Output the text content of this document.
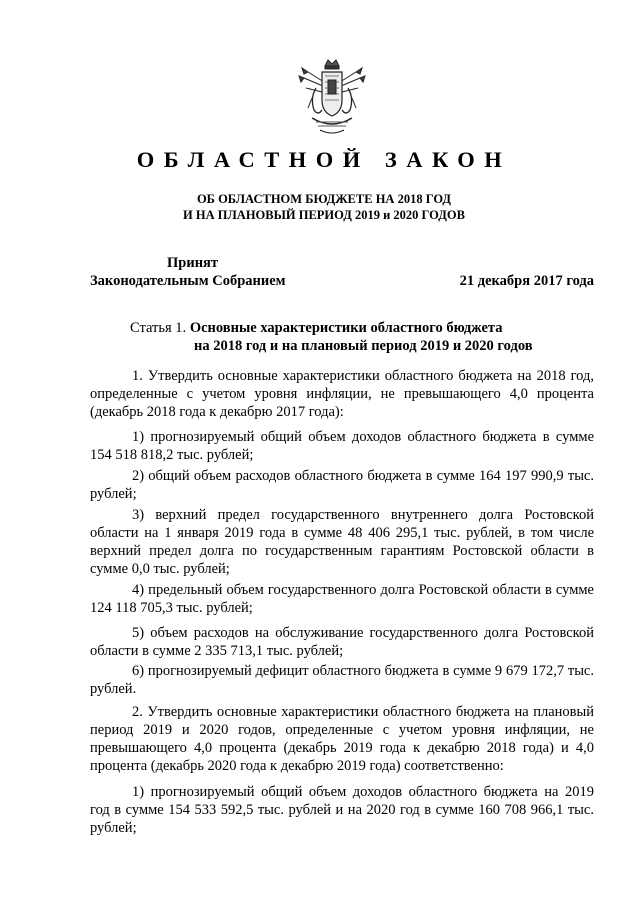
ОБЛАСТНОЙ ЗАКОН
ОБ ОБЛАСТНОМ БЮДЖЕТЕ НА 2018 ГОД
И НА ПЛАНОВЫЙ ПЕРИОД 2019 и 2020 ГОДОВ
Принят
Законодательным Собранием	21 декабря 2017 года
Статья 1. Основные характеристики областного бюджета
на 2018 год и на плановый период 2019 и 2020 годов

1. Утвердить основные характеристики областного бюджета на 2018 год, определенные с учетом уровня инфляции, не превышающего 4,0 процента (декабрь 2018 года к декабрю 2017 года):

1) прогнозируемый общий объем доходов областного бюджета в сумме 154 518 818,2 тыс. рублей;

2) общий объем расходов областного бюджета в сумме 164 197 990,9 тыс. рублей;

3) верхний предел государственного внутреннего долга Ростовской области на 1 января 2019 года в сумме 48 406 295,1 тыс. рублей, в том числе верхний предел долга по государственным гарантиям Ростовской области в сумме 0,0 тыс. рублей;

4) предельный объем государственного долга Ростовской области в сумме 124 118 705,3 тыс. рублей;

5) объем расходов на обслуживание государственного долга Ростовской области в сумме 2 335 713,1 тыс. рублей;

6) прогнозируемый дефицит областного бюджета в сумме 9 679 172,7 тыс. рублей.

2. Утвердить основные характеристики областного бюджета на плановый период 2019 и 2020 годов, определенные с учетом уровня инфляции, не превышающего 4,0 процента (декабрь 2019 года к декабрю 2018 года) и 4,0 процента (декабрь 2020 года к декабрю 2019 года) соответственно:

1) прогнозируемый общий объем доходов областного бюджета на 2019 год в сумме 154 533 592,5 тыс. рублей и на 2020 год в сумме 160 708 966,1 тыс. рублей;
